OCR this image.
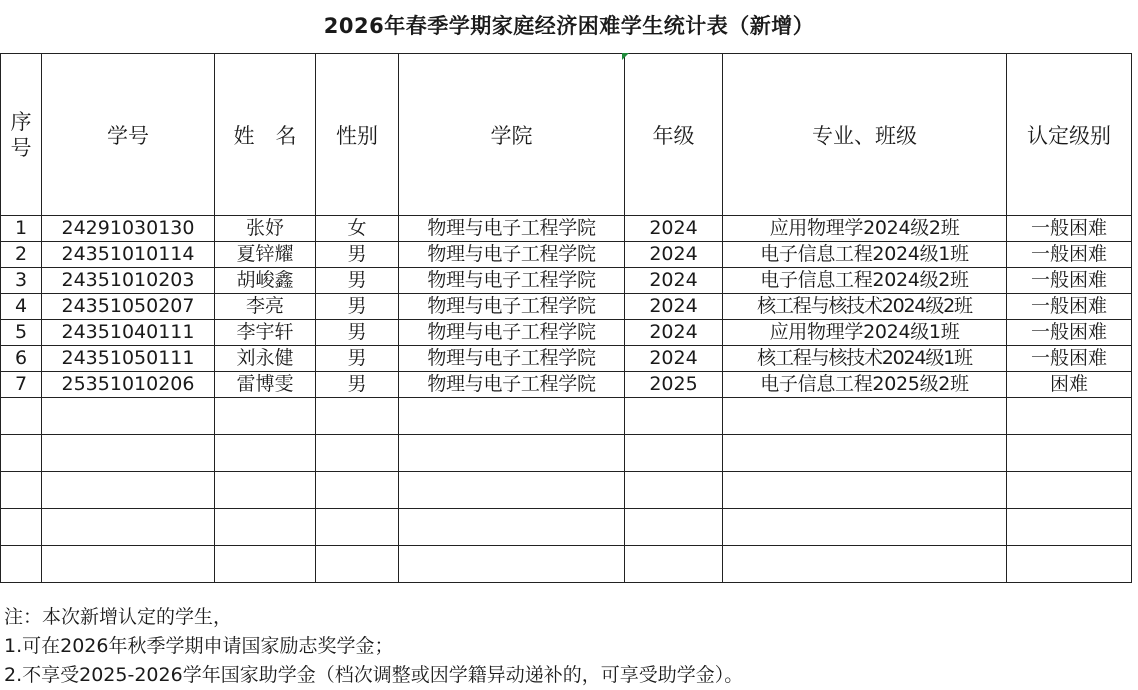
2026年春季学期家庭经济困难学生统计表（新增）
序
号	学号	姓　名	性别	学院	年级	专业、班级	认定级别
1	24291030130	张妤	女	物理与电子工程学院	2024	应用物理学2024级2班	一般困难
2	24351010114	夏锌耀	男	物理与电子工程学院	2024	电子信息工程2024级1班	一般困难
3	24351010203	胡峻鑫	男	物理与电子工程学院	2024	电子信息工程2024级2班	一般困难
4	24351050207	李亮	男	物理与电子工程学院	2024	核工程与核技术2024级2班	一般困难
5	24351040111	李宇轩	男	物理与电子工程学院	2024	应用物理学2024级1班	一般困难
6	24351050111	刘永健	男	物理与电子工程学院	2024	核工程与核技术2024级1班	一般困难
7	25351010206	雷博雯	男	物理与电子工程学院	2025	电子信息工程2025级2班	困难

注：本次新增认定的学生，
1.可在2026年秋季学期申请国家励志奖学金；
2.不享受2025-2026学年国家助学金（档次调整或因学籍异动递补的，可享受助学金）。
